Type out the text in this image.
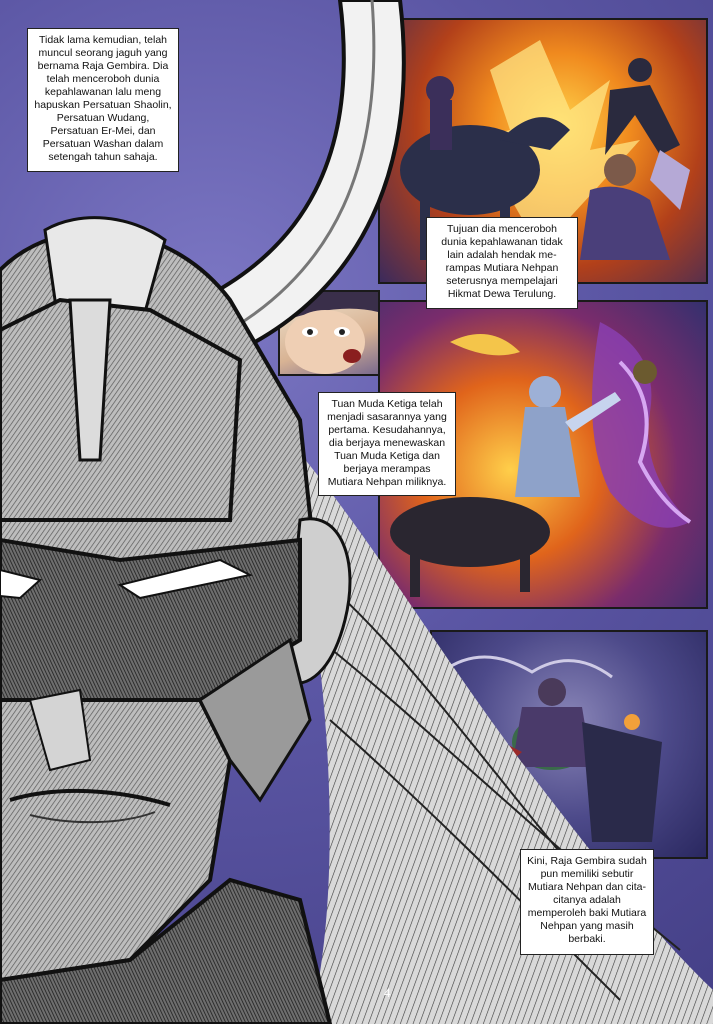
Tidak lama kemudian, telah muncul seorang jaguh yang bernama Raja Gembira. Dia telah menceroboh dunia kepahlawanan lalu meng hapuskan Persatuan Shaolin, Persatuan Wudang, Persatuan Er-Mei, dan Persatuan Washan dalam setengah tahun sahaja.
Tujuan dia menceroboh dunia kepahlawanan tidak lain adalah hendak me-rampas Mutiara Nehpan seterusnya mempelajari Hikmat Dewa Terulung.
Tuan Muda Ketiga telah menjadi sasarannya yang pertama. Kesudahannya, dia berjaya menewaskan Tuan Muda Ketiga dan berjaya merampas Mutiara Nehpan miliknya.
Kini, Raja Gembira sudah pun memiliki sebutir Mutiara Nehpan dan cita-citanya adalah memperoleh baki Mutiara Nehpan yang masih berbaki.
4
